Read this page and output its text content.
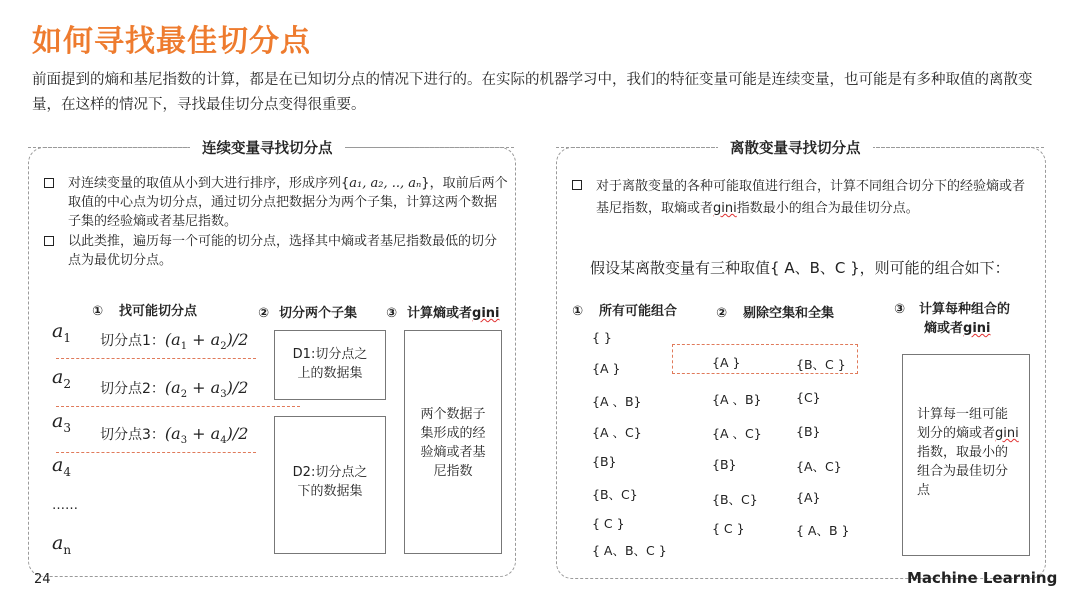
如何寻找最佳切分点
前面提到的熵和基尼指数的计算，都是在已知切分点的情况下进行的。在实际的机器学习中，我们的特征变量可能是连续变量，也可能是有多种取值的离散变量，在这样的情况下，寻找最佳切分点变得很重要。
连续变量寻找切分点
对连续变量的取值从小到大进行排序，形成序列{a₁, a₂, .., aₙ}，取前后两个取值的中心点为切分点，通过切分点把数据分为两个子集，计算这两个数据子集的经验熵或者基尼指数。
以此类推，遍历每一个可能的切分点，选择其中熵或者基尼指数最低的切分点为最优切分点。
① 找可能切分点	② 切分两个子集 ③ 计算熵或者gini
$a_1$
$a_2$
$a_3$
$a_4$
……
$a_n$
切分点1：$(a_1 + a_2)/2$
切分点2：$(a_2 + a_3)/2$
切分点3：$(a_3 + a_4)/2$
D1:切分点之上的数据集
D2:切分点之下的数据集
两个数据子集形成的经验熵或者基尼指数
离散变量寻找切分点
对于离散变量的各种可能取值进行组合，计算不同组合切分下的经验熵或者基尼指数，取熵或者gini指数最小的组合为最佳切分点。
假设某离散变量有三种取值{ A、B、C }，则可能的组合如下：
① 所有可能组合	② 剔除空集和全集	③ 计算每种组合的
熵或者gini
{ }
{A }
{A 、B}
{A 、C}
{B}
{B、C}
{ C }
{ A、B、C }
{A }	{B、C }
{A 、B}	{C}
{A 、C}	{B}
{B}	{A、C}
{B、C}	{A}
{ C }	{ A、B }
计算每一组可能划分的熵或者gini指数，取最小的组合为最佳切分点
24	Machine Learning
